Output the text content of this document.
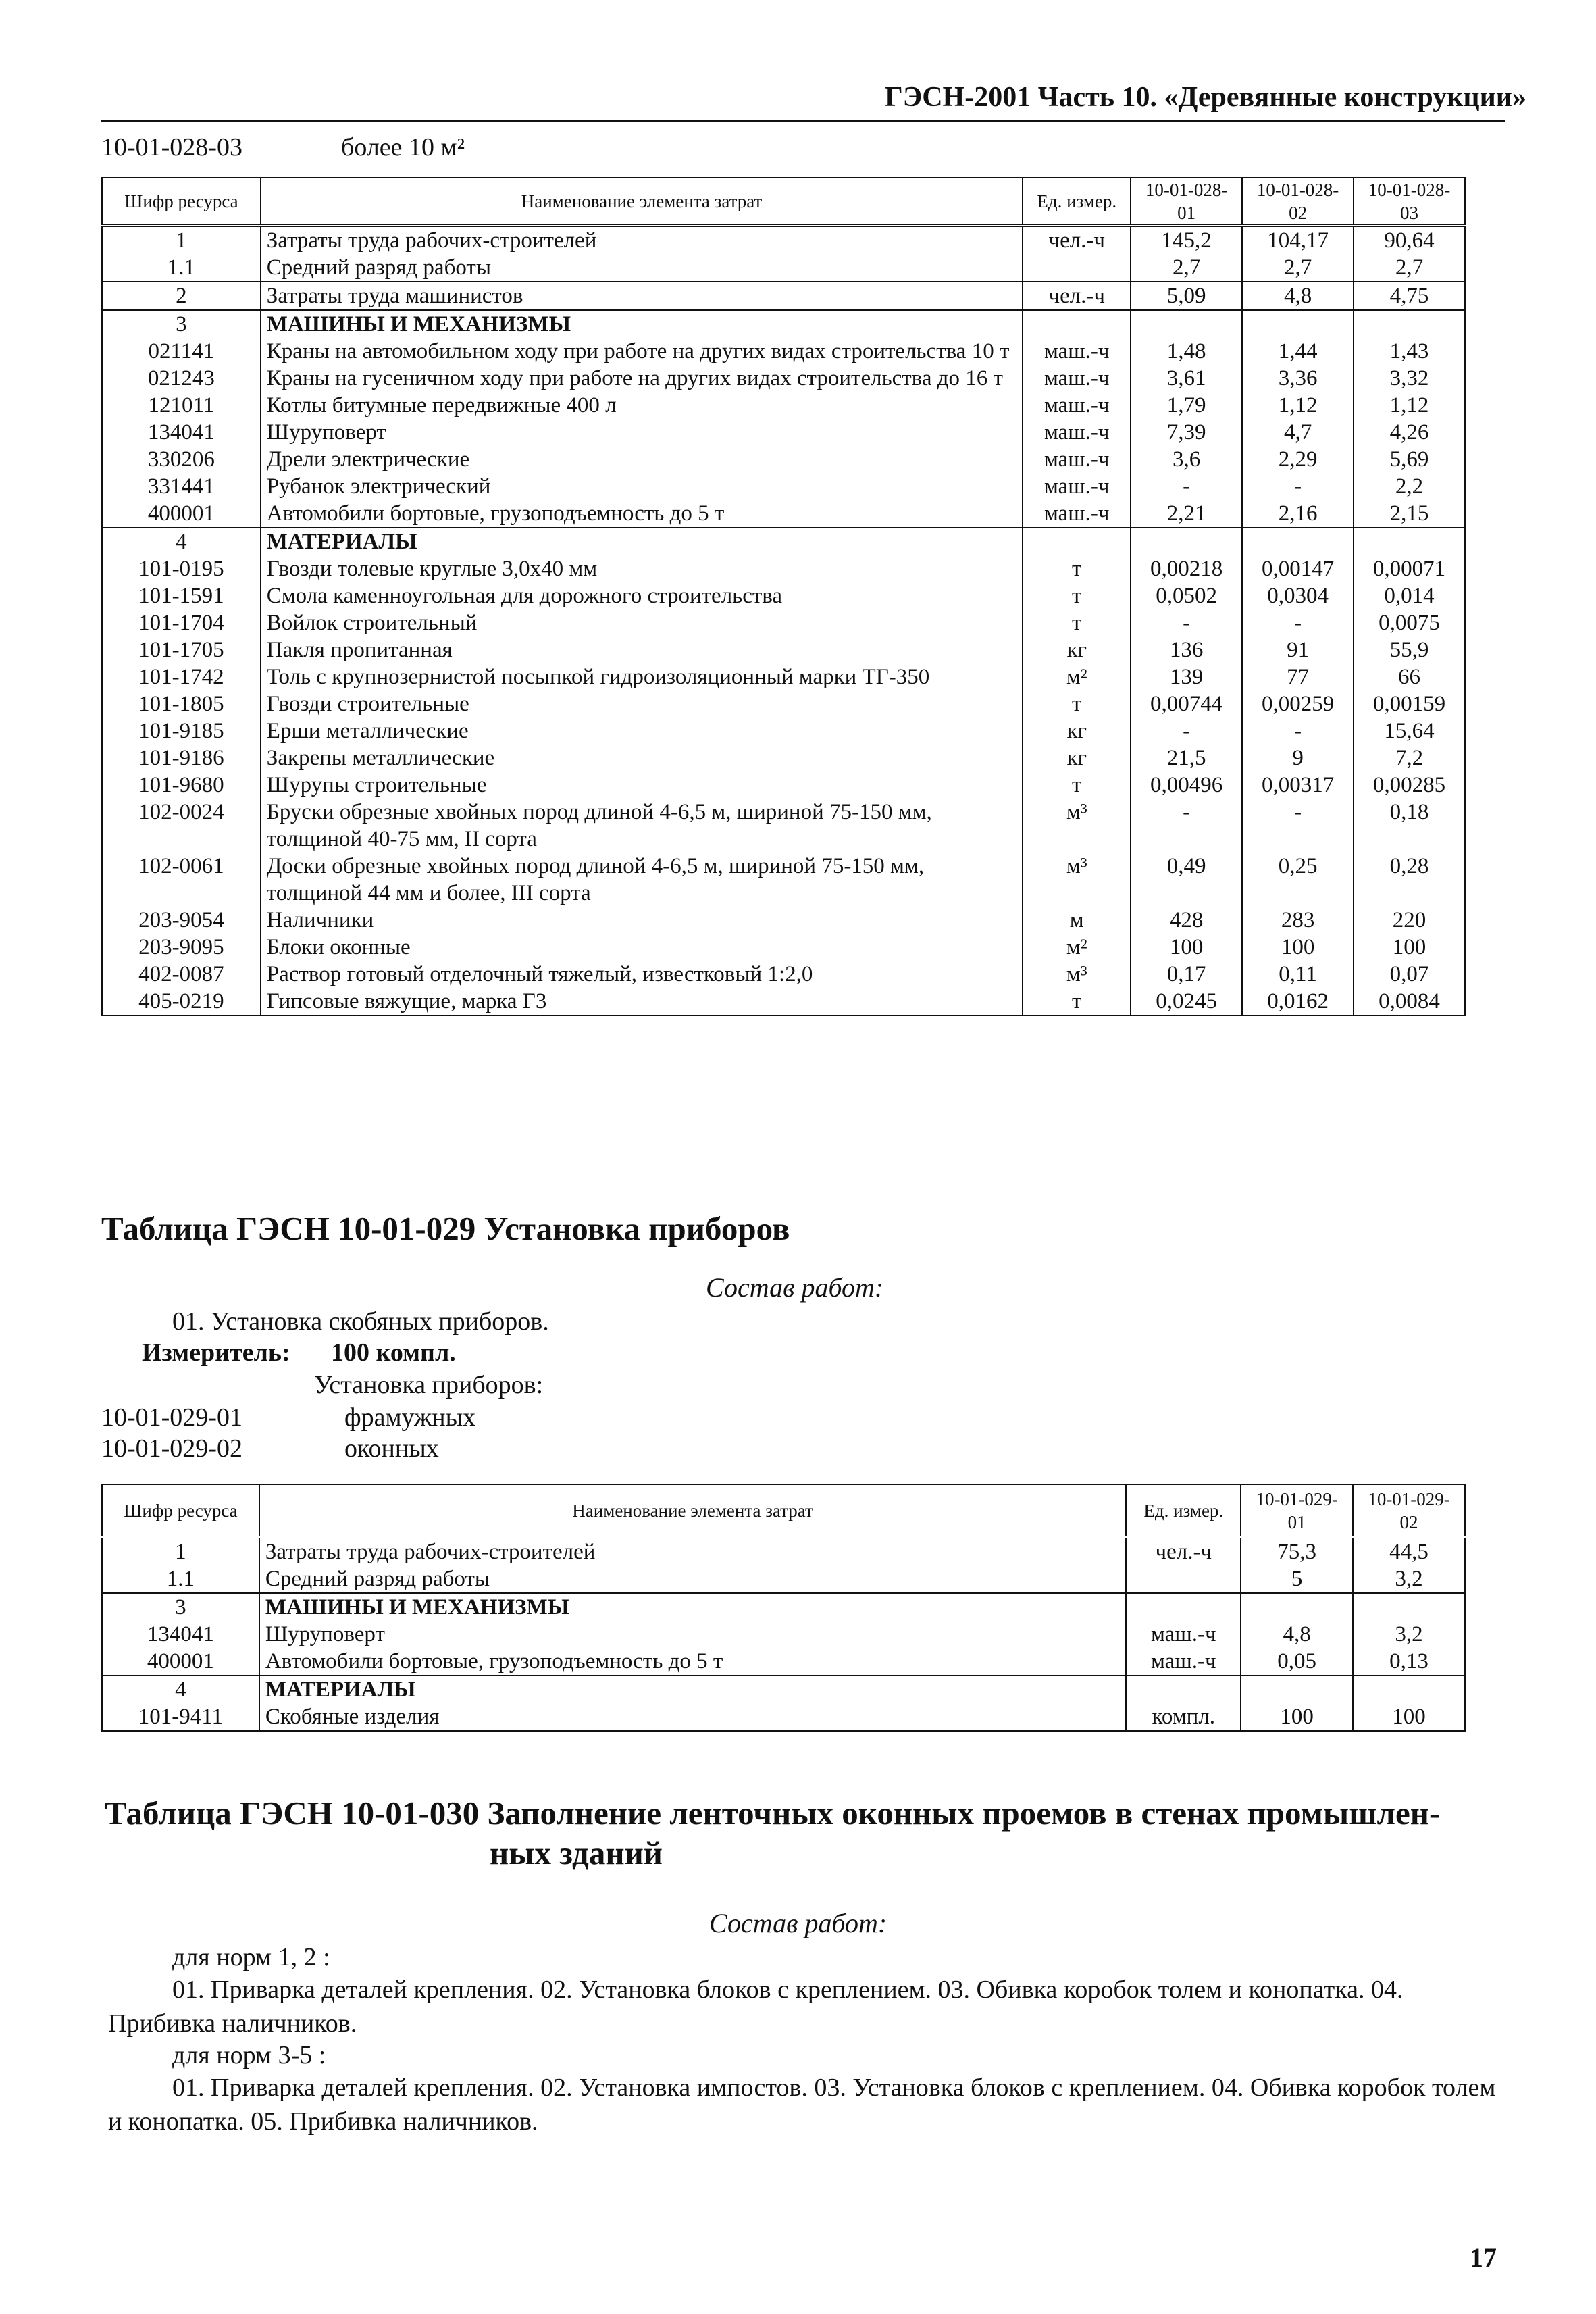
ГЭСН-2001 Часть 10. «Деревянные конструкции»
10-01-028-03	более 10 м²
Шифр ресурса	Наименование элемента затрат	Ед. измер.	10-01-028-01	10-01-028-02	10-01-028-03
1	Затраты труда рабочих-строителей	чел.-ч	145,2	104,17	90,64
1.1	Средний разряд работы		2,7	2,7	2,7
2	Затраты труда машинистов	чел.-ч	5,09	4,8	4,75
3	МАШИНЫ И МЕХАНИЗМЫ				
021141	Краны на автомобильном ходу при работе на других видах строительства 10 т	маш.-ч	1,48	1,44	1,43
021243	Краны на гусеничном ходу при работе на других видах строительства до 16 т	маш.-ч	3,61	3,36	3,32
121011	Котлы битумные передвижные 400 л	маш.-ч	1,79	1,12	1,12
134041	Шуруповерт	маш.-ч	7,39	4,7	4,26
330206	Дрели электрические	маш.-ч	3,6	2,29	5,69
331441	Рубанок электрический	маш.-ч	-	-	2,2
400001	Автомобили бортовые, грузоподъемность до 5 т	маш.-ч	2,21	2,16	2,15
4	МАТЕРИАЛЫ				
101-0195	Гвозди толевые круглые 3,0х40 мм	т	0,00218	0,00147	0,00071
101-1591	Смола каменноугольная для дорожного строительства	т	0,0502	0,0304	0,014
101-1704	Войлок строительный	т	-	-	0,0075
101-1705	Пакля пропитанная	кг	136	91	55,9
101-1742	Толь с крупнозернистой посыпкой гидроизоляционный марки ТГ-350	м²	139	77	66
101-1805	Гвозди строительные	т	0,00744	0,00259	0,00159
101-9185	Ерши металлические	кг	-	-	15,64
101-9186	Закрепы металлические	кг	21,5	9	7,2
101-9680	Шурупы строительные	т	0,00496	0,00317	0,00285
102-0024	Бруски обрезные хвойных пород длиной 4-6,5 м, шириной 75-150 мм, толщиной 40-75 мм, II сорта	м³	-	-	0,18
102-0061	Доски обрезные хвойных пород длиной 4-6,5 м, шириной 75-150 мм, толщиной 44 мм и более, III сорта	м³	0,49	0,25	0,28
203-9054	Наличники	м	428	283	220
203-9095	Блоки оконные	м²	100	100	100
402-0087	Раствор готовый отделочный тяжелый, известковый 1:2,0	м³	0,17	0,11	0,07
405-0219	Гипсовые вяжущие, марка Г3	т	0,0245	0,0162	0,0084
Таблица ГЭСН 10-01-029 Установка приборов
Состав работ:
01. Установка скобяных приборов.
Измеритель: 100 компл.
Установка приборов:
10-01-029-01	фрамужных
10-01-029-02	оконных
Шифр ресурса	Наименование элемента затрат	Ед. измер.	10-01-029-01	10-01-029-02
1	Затраты труда рабочих-строителей	чел.-ч	75,3	44,5
1.1	Средний разряд работы		5	3,2
3	МАШИНЫ И МЕХАНИЗМЫ			
134041	Шуруповерт	маш.-ч	4,8	3,2
400001	Автомобили бортовые, грузоподъемность до 5 т	маш.-ч	0,05	0,13
4	МАТЕРИАЛЫ			
101-9411	Скобяные изделия	компл.	100	100
Таблица ГЭСН 10-01-030 Заполнение ленточных оконных проемов в стенах промышлен-
ных зданий
Состав работ:
для норм 1, 2 :
01. Приварка деталей крепления. 02. Установка блоков с креплением. 03. Обивка коробок толем и конопатка. 04. Прибивка наличников.
для норм 3-5 :
01. Приварка деталей крепления. 02. Установка импостов. 03. Установка блоков с креплением. 04. Обивка коробок толем и конопатка. 05. Прибивка наличников.
17
